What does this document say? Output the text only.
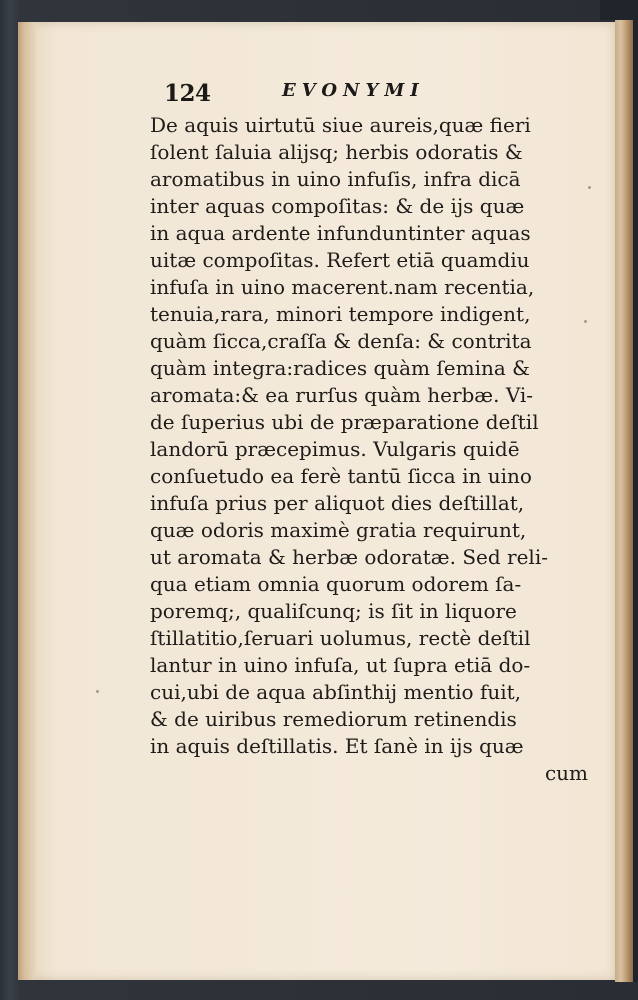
124	EVONYMI
De aquis uirtutū siue aureis,quæ fieri
ſolent ſaluia alijsq; herbis odoratis &
aromatibus in uino infuſis, infra dicā
inter aquas compoſitas: & de ijs quæ
in aqua ardente infunduntinter aquas
uitæ compoſitas. Refert etiā quamdiu
infuſa in uino macerent.nam recentia,
tenuia,rara, minori tempore indigent,
quàm ſicca,craſſa & denſa: & contrita
quàm integra:radices quàm ſemina &
aromata:& ea rurſus quàm herbæ. Vi-
de ſuperius ubi de præparatione deſtil
landorū præcepimus. Vulgaris quidē
conſuetudo ea ferè tantū ſicca in uino
infuſa prius per aliquot dies deſtillat,
quæ odoris maximè gratia requirunt,
ut aromata & herbæ odoratæ. Sed reli-
qua etiam omnia quorum odorem ſa-
poremq;, qualiſcunq; is ſit in liquore
ſtillatitio,ſeruari uolumus, rectè deſtil
lantur in uino infuſa, ut ſupra etiā do-
cui,ubi de aqua abſinthij mentio fuit,
& de uiribus remediorum retinendis
in aquis deſtillatis. Et ſanè in ijs quæ
cum
